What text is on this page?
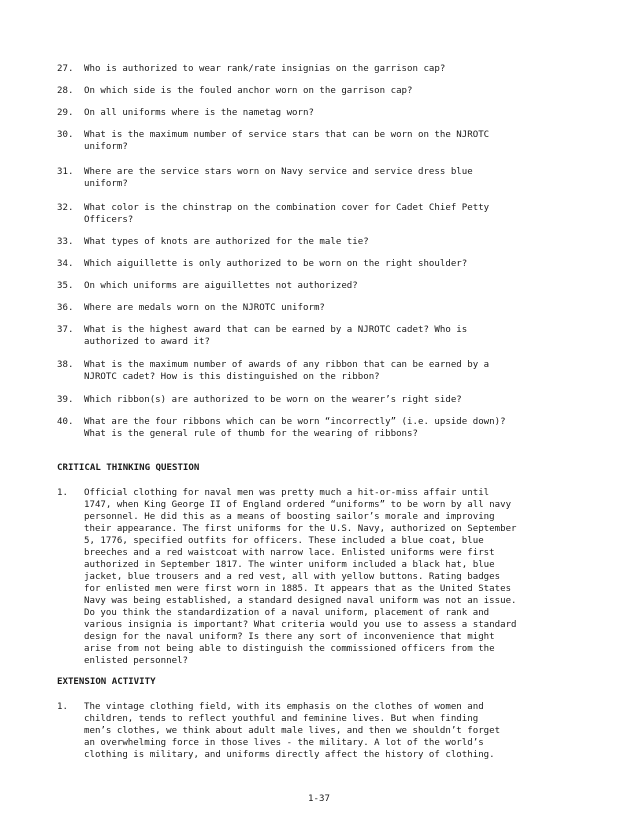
27. Who is authorized to wear rank/rate insignias on the garrison cap?
28. On which side is the fouled anchor worn on the garrison cap?
29. On all uniforms where is the nametag worn?
30. What is the maximum number of service stars that can be worn on the NJROTC
uniform?
31. Where are the service stars worn on Navy service and service dress blue
uniform?
32. What color is the chinstrap on the combination cover for Cadet Chief Petty
Officers?
33. What types of knots are authorized for the male tie?
34. Which aiguillette is only authorized to be worn on the right shoulder?
35. On which uniforms are aiguillettes not authorized?
36. Where are medals worn on the NJROTC uniform?
37. What is the highest award that can be earned by a NJROTC cadet? Who is
authorized to award it?
38. What is the maximum number of awards of any ribbon that can be earned by a
NJROTC cadet? How is this distinguished on the ribbon?
39. Which ribbon(s) are authorized to be worn on the wearer’s right side?
40. What are the four ribbons which can be worn “incorrectly” (i.e. upside down)?
What is the general rule of thumb for the wearing of ribbons?
CRITICAL THINKING QUESTION
1. Official clothing for naval men was pretty much a hit-or-miss affair until
1747, when King George II of England ordered “uniforms” to be worn by all navy
personnel. He did this as a means of boosting sailor’s morale and improving
their appearance. The first uniforms for the U.S. Navy, authorized on September
5, 1776, specified outfits for officers. These included a blue coat, blue
breeches and a red waistcoat with narrow lace. Enlisted uniforms were first
authorized in September 1817. The winter uniform included a black hat, blue
jacket, blue trousers and a red vest, all with yellow buttons. Rating badges
for enlisted men were first worn in 1885. It appears that as the United States
Navy was being established, a standard designed naval uniform was not an issue.
Do you think the standardization of a naval uniform, placement of rank and
various insignia is important? What criteria would you use to assess a standard
design for the naval uniform? Is there any sort of inconvenience that might
arise from not being able to distinguish the commissioned officers from the
enlisted personnel?
EXTENSION ACTIVITY
1. The vintage clothing field, with its emphasis on the clothes of women and
children, tends to reflect youthful and feminine lives. But when finding
men’s clothes, we think about adult male lives, and then we shouldn’t forget
an overwhelming force in those lives - the military. A lot of the world’s
clothing is military, and uniforms directly affect the history of clothing.
1-37
